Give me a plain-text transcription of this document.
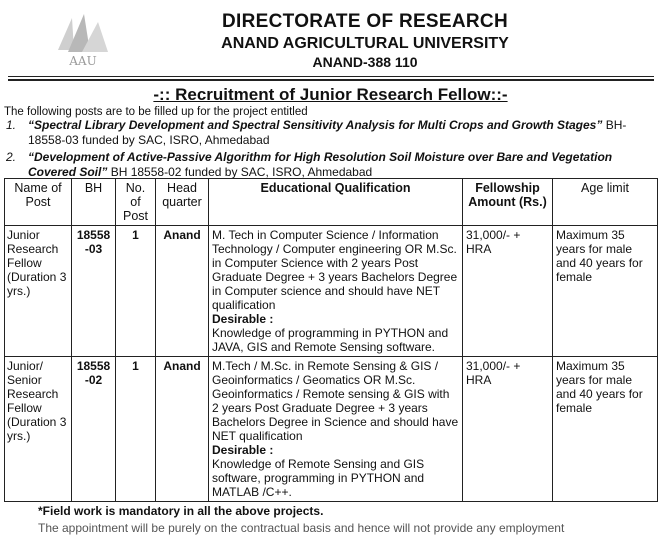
AAU
DIRECTORATE OF RESEARCH
ANAND AGRICULTURAL UNIVERSITY
ANAND-388 110
-:: Recruitment of Junior Research Fellow::-
The following posts are to be filled up for the project entitled
1. “Spectral Library Development and Spectral Sensitivity Analysis for Multi Crops and Growth Stages” BH-18558-03 funded by SAC, ISRO, Ahmedabad
2. “Development of Active-Passive Algorithm for High Resolution Soil Moisture over Bare and Vegetation Covered Soil” BH 18558-02 funded by SAC, ISRO, Ahmedabad
Name of Post	BH	No. of Post	Head quarter	Educational Qualification	Fellowship Amount (Rs.)	Age limit
Junior Research Fellow (Duration 3 yrs.)	18558 -03	1	Anand	M. Tech in Computer Science / Information Technology / Computer engineering OR M.Sc. in Computer Science with 2 years Post Graduate Degree + 3 years Bachelors Degree in Computer science and should have NET qualification
Desirable :
Knowledge of programming in PYTHON and JAVA, GIS and Remote Sensing software.	31,000/- + HRA	Maximum 35 years for male and 40 years for female
Junior/ Senior Research Fellow (Duration 3 yrs.)	18558 -02	1	Anand	M.Tech / M.Sc. in Remote Sensing & GIS / Geoinformatics / Geomatics OR M.Sc. Geoinformatics / Remote sensing & GIS with 2 years Post Graduate Degree + 3 years Bachelors Degree in Science and should have NET qualification
Desirable :
Knowledge of Remote Sensing and GIS software, programming in PYTHON and MATLAB /C++.	31,000/- + HRA	Maximum 35 years for male and 40 years for female
*Field work is mandatory in all the above projects.
The appointment will be purely on the contractual basis and hence will not provide any employment
